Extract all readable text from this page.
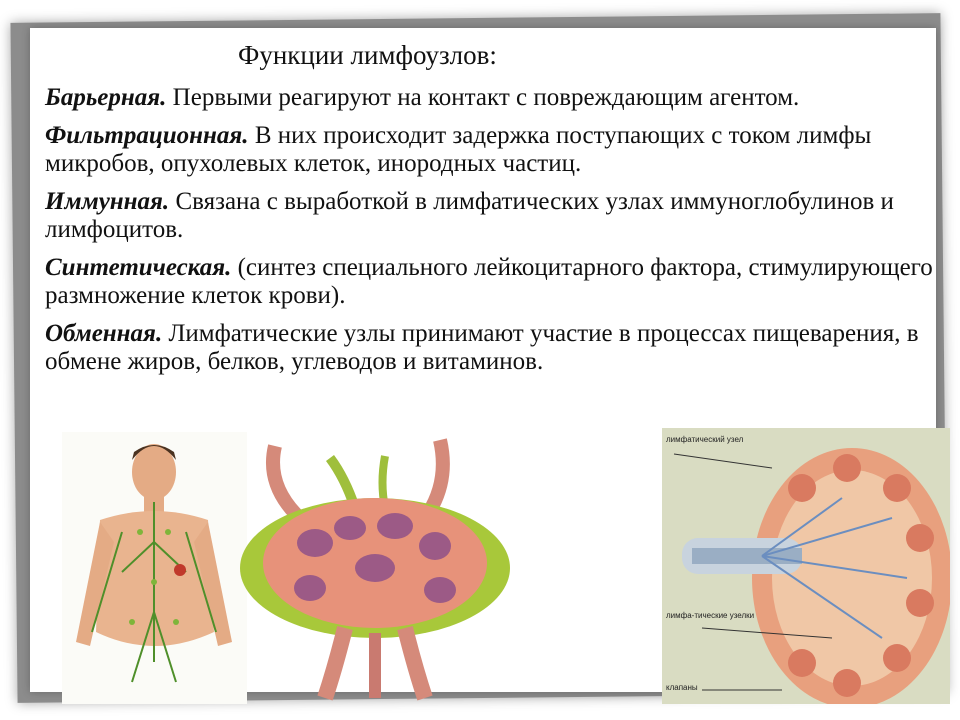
Функции лимфоузлов:

Барьерная. Первыми реагируют на контакт с повреждающим агентом.

Фильтрационная. В них происходит задержка поступающих с током лимфы микробов, опухолевых клеток, инородных частиц.

Иммунная. Связана с выработкой в лимфатических узлах иммуноглобулинов и лимфоцитов.

Синтетическая. (синтез специального лейкоцитарного фактора, стимулирующего размножение клеток крови).

Обменная. Лимфатические узлы принимают участие в процессах пищеварения, в обмене жиров, белков, углеводов и витаминов.

лимфатический узел
лимфа-тические узелки
клапаны
